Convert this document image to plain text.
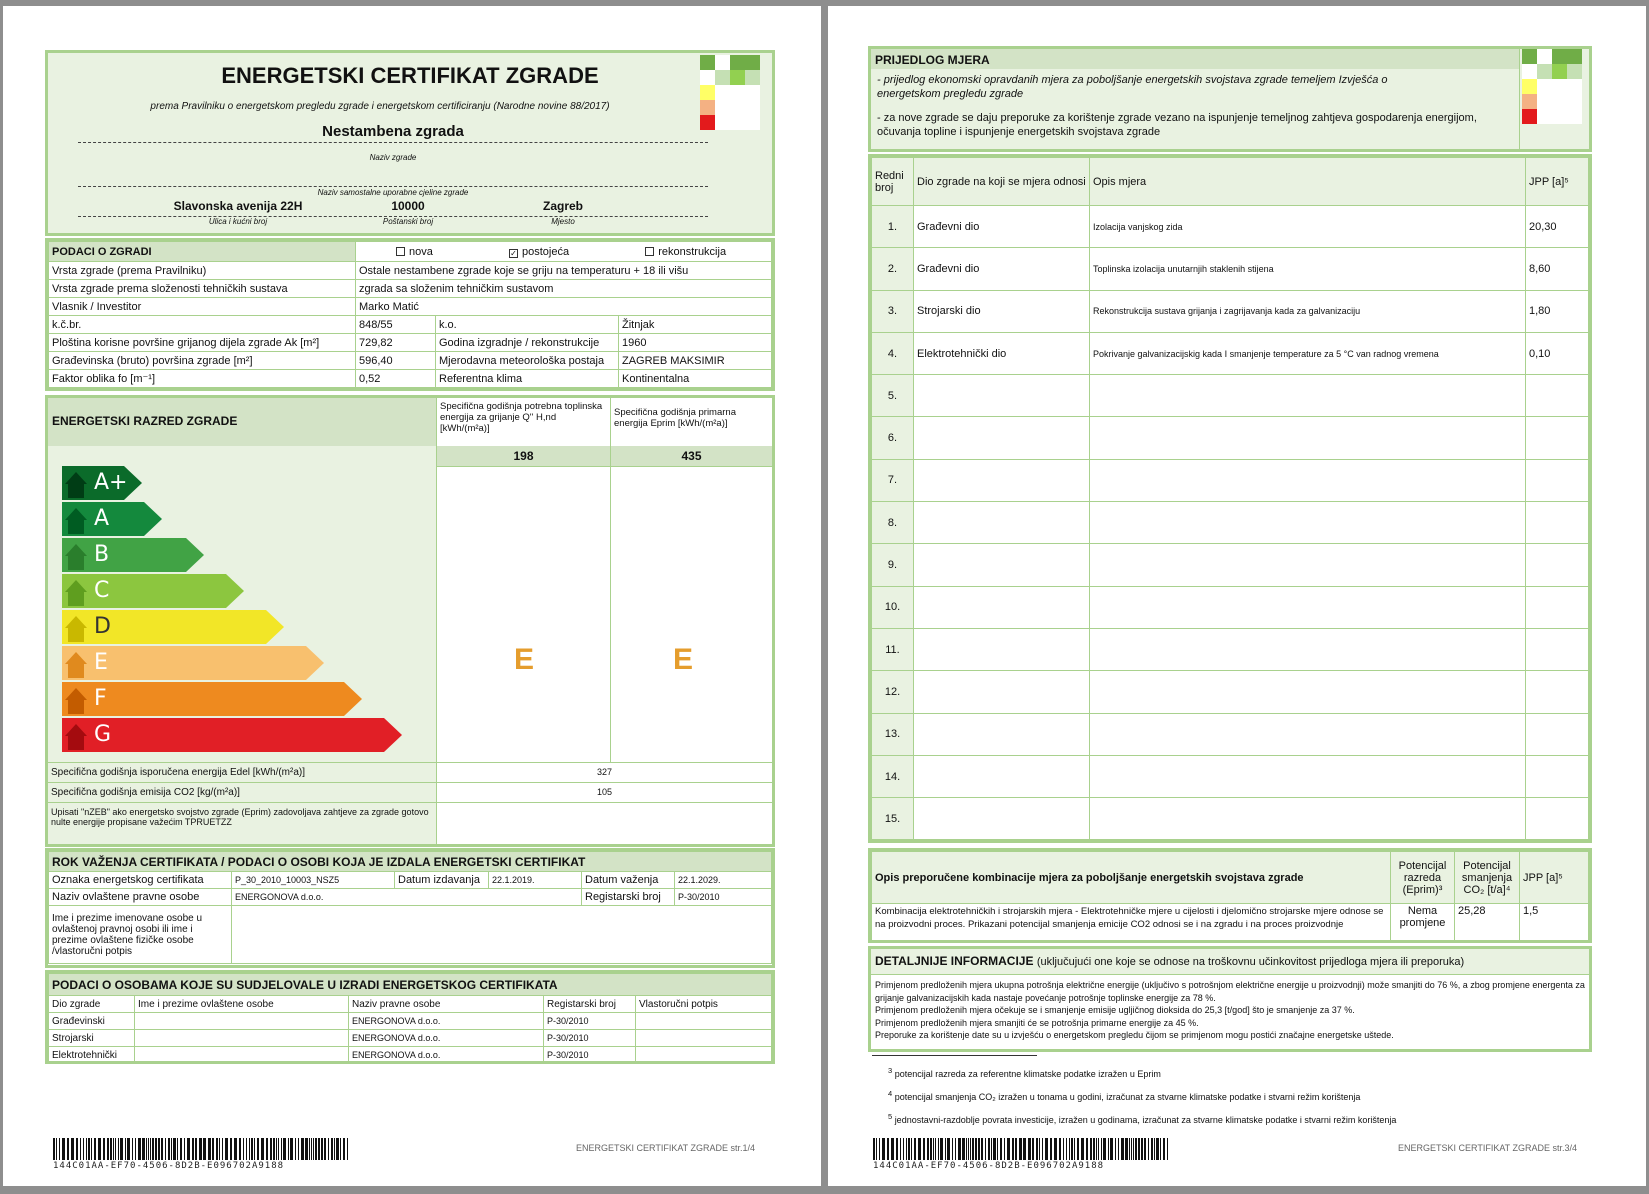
ENERGETSKI CERTIFIKAT ZGRADE
prema Pravilniku o energetskom pregledu zgrade i energetskom certificiranju (Narodne novine 88/2017)
Nestambena zgrada
Naziv zgrade
Naziv samostalne uporabne cjeline zgrade
Slavonska avenija 22H	10000	Zagreb
Ulica i kućni broj	Poštanski broj	Mjesto
PODACI O ZGRADI	nova ✓ postojeća rekonstrukcija		
Vrsta zgrade (prema Pravilniku)	Ostale nestambene zgrade koje se griju na temperaturu + 18 ili višu		
Vrsta zgrade prema složenosti tehničkih sustava	zgrada sa složenim tehničkim sustavom		
Vlasnik / Investitor	Marko Matić		
k.č.br.	848/55	k.o.	Žitnjak
Ploština korisne površine grijanog dijela zgrade Ak [m²]	729,82	Godina izgradnje / rekonstrukcije	1960
Građevinska (bruto) površina zgrade [m²]	596,40	Mjerodavna meteorološka postaja	ZAGREB MAKSIMIR
Faktor oblika fo [m⁻¹]	0,52	Referentna klima	Kontinentalna
ENERGETSKI RAZRED ZGRADE
A+
A
B
C
D
E
F
G
Specifična godišnja potrebna toplinska energija za grijanje Q'' H,nd [kWh/(m²a)]
Specifična godišnja primarna energija Eprim [kWh/(m²a)]
198	435
E	E
Specifična godišnja isporučena energija Edel [kWh/(m²a)]	327
Specifična godišnja emisija CO2 [kg/(m²a)]	105
Upisati "nZEB" ako energetsko svojstvo zgrade (Eprim) zadovoljava zahtjeve za zgrade gotovo nulte energije propisane važećim TPRUETZZ
ROK VAŽENJA CERTIFIKATA / PODACI O OSOBI KOJA JE IZDALA ENERGETSKI CERTIFIKAT					
Oznaka energetskog certifikata	P_30_2010_10003_NSZ5	Datum izdavanja	22.1.2019.	Datum važenja	22.1.2029.
Naziv ovlaštene pravne osobe	ENERGONOVA d.o.o.			Registarski broj	P-30/2010
Ime i prezime imenovane osobe u ovlaštenoj pravnoj osobi ili ime i prezime ovlaštene fizičke osobe /vlastoručni potpis					
PODACI O OSOBAMA KOJE SU SUDJELOVALE U IZRADI ENERGETSKOG CERTIFIKATA				
Dio zgrade	Ime i prezime ovlaštene osobe	Naziv pravne osobe	Registarski broj	Vlastoručni potpis
Građevinski		ENERGONOVA d.o.o.	P-30/2010	
Strojarski		ENERGONOVA d.o.o.	P-30/2010	
Elektrotehnički		ENERGONOVA d.o.o.	P-30/2010	
144C01AA-EF70-4506-8D2B-E096702A9188
ENERGETSKI CERTIFIKAT ZGRADE str.1/4
PRIJEDLOG MJERA
- prijedlog ekonomski opravdanih mjera za poboljšanje energetskih svojstava zgrade temeljem Izvješća o energetskom pregledu zgrade
- za nove zgrade se daju preporuke za korištenje zgrade vezano na ispunjenje temeljnog zahtjeva gospodarenja energijom, očuvanja topline i ispunjenje energetskih svojstava zgrade
Redni broj	Dio zgrade na koji se mjera odnosi	Opis mjera	JPP [a]⁵
1.	Građevni dio	Izolacija vanjskog zida	20,30
2.	Građevni dio	Toplinska izolacija unutarnjih staklenih stijena	8,60
3.	Strojarski dio	Rekonstrukcija sustava grijanja i zagrijavanja kada za galvanizaciju	1,80
4.	Elektrotehnički dio	Pokrivanje galvanizacijskig kada I smanjenje temperature za 5 °C van radnog vremena	0,10
5.			
6.			
7.			
8.			
9.			
10.			
11.			
12.			
13.			
14.			
15.			
Opis preporučene kombinacije mjera za poboljšanje energetskih svojstava zgrade	Potencijal razreda (Eprim)³	Potencijal smanjenja CO₂ [t/a]⁴	JPP [a]⁵
Kombinacija elektrotehničkih i strojarskih mjera - Elektrotehničke mjere u cijelosti i djelomično strojarske mjere odnose se na proizvodni proces. Prikazani potencijal smanjenja emicije CO2 odnosi se i na zgradu i na proces proizvodnje	Nema promjene	25,28	1,5
DETALJNIJE INFORMACIJE (uključujući one koje se odnose na troškovnu učinkovitost prijedloga mjera ili preporuka)
Primjenom predloženih mjera ukupna potrošnja električne energije (uključivo s potrošnjom električne energije u proizvodnji) može smanjiti do 76 %, a zbog promjene energenta za grijanje galvanizacijskih kada nastaje povećanje potrošnje toplinske energije za 78 %.
Primjenom predloženih mjera očekuje se i smanjenje emisije ugljičnog dioksida do 25,3 [t/god] što je smanjenje za 37 %.
Primjenom predloženih mjera smanjiti će se potrošnja primarne energije za 45 %.
Preporuke za korištenje date su u izvješću o energetskom pregledu čijom se primjenom mogu postići značajne energetske uštede.
$^3$ potencijal razreda za referentne klimatske podatke izražen u Eprim
$^4$ potencijal smanjenja CO₂ izražen u tonama u godini, izračunat za stvarne klimatske podatke i stvarni režim korištenja
$^5$ jednostavni-razdoblje povrata investicije, izražen u godinama, izračunat za stvarne klimatske podatke i stvarni režim korištenja
144C01AA-EF70-4506-8D2B-E096702A9188
ENERGETSKI CERTIFIKAT ZGRADE str.3/4
